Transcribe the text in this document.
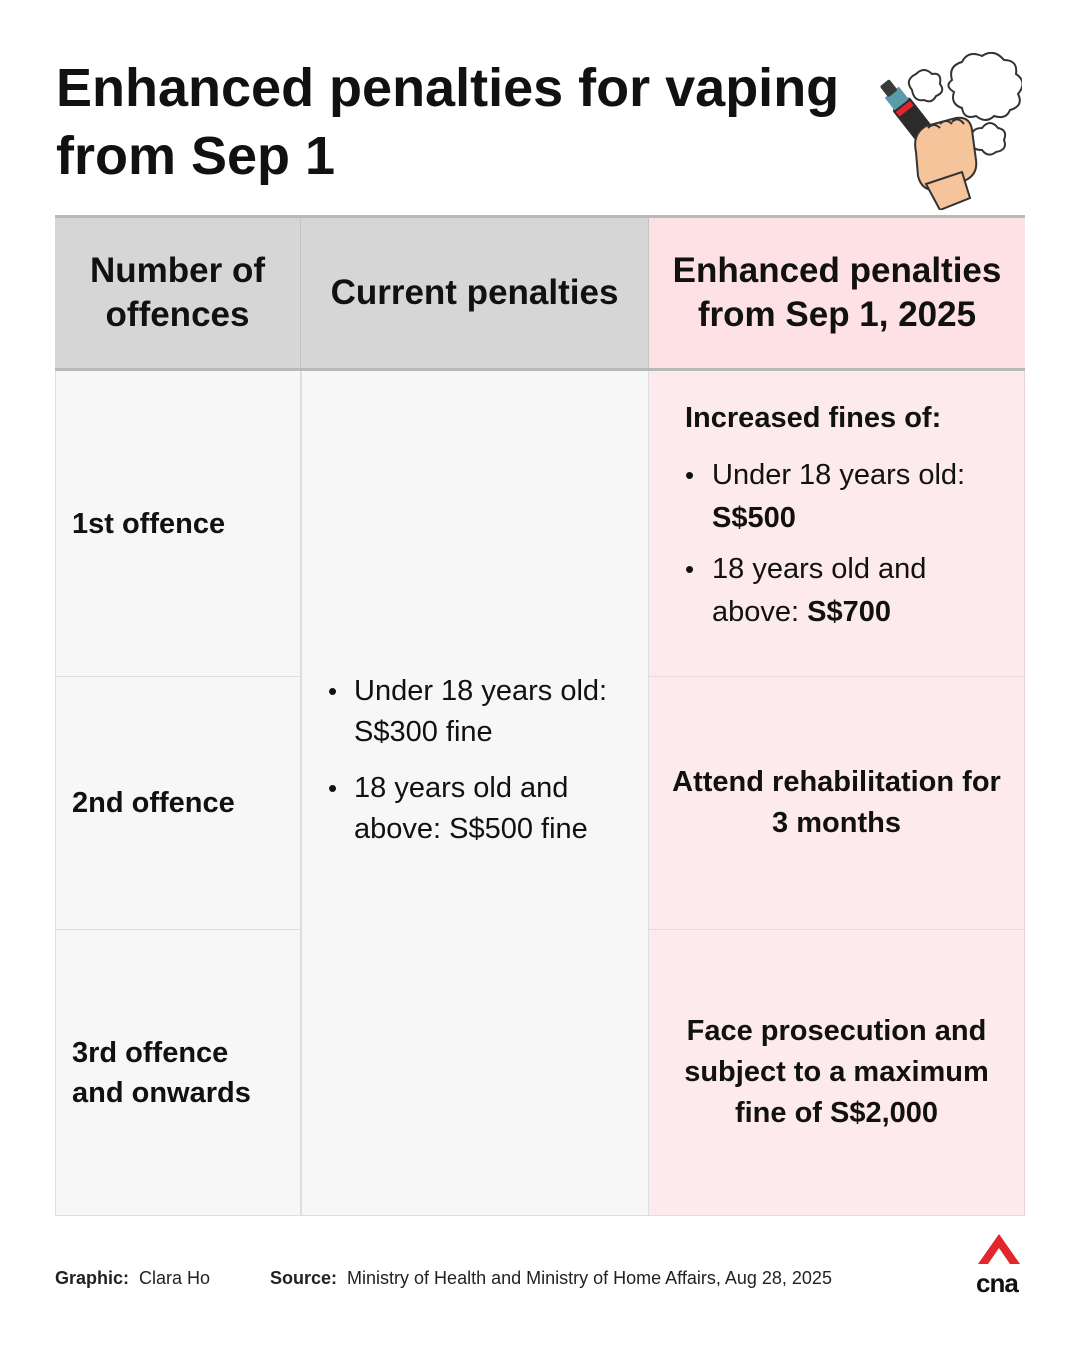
Enhanced penalties for vaping
from Sep 1
Number of offences
Current penalties
Enhanced penalties from Sep 1, 2025
1st offence
2nd offence
3rd offence and onwards
• Under 18 years old: S$300 fine
• 18 years old and above: S$500 fine
Increased fines of:
• Under 18 years old: S$500
• 18 years old and above: S$700
Attend rehabilitation for 3 months
Face prosecution and subject to a maximum fine of S$2,000
Graphic: Clara Ho	Source: Ministry of Health and Ministry of Home Affairs, Aug 28, 2025	cna
